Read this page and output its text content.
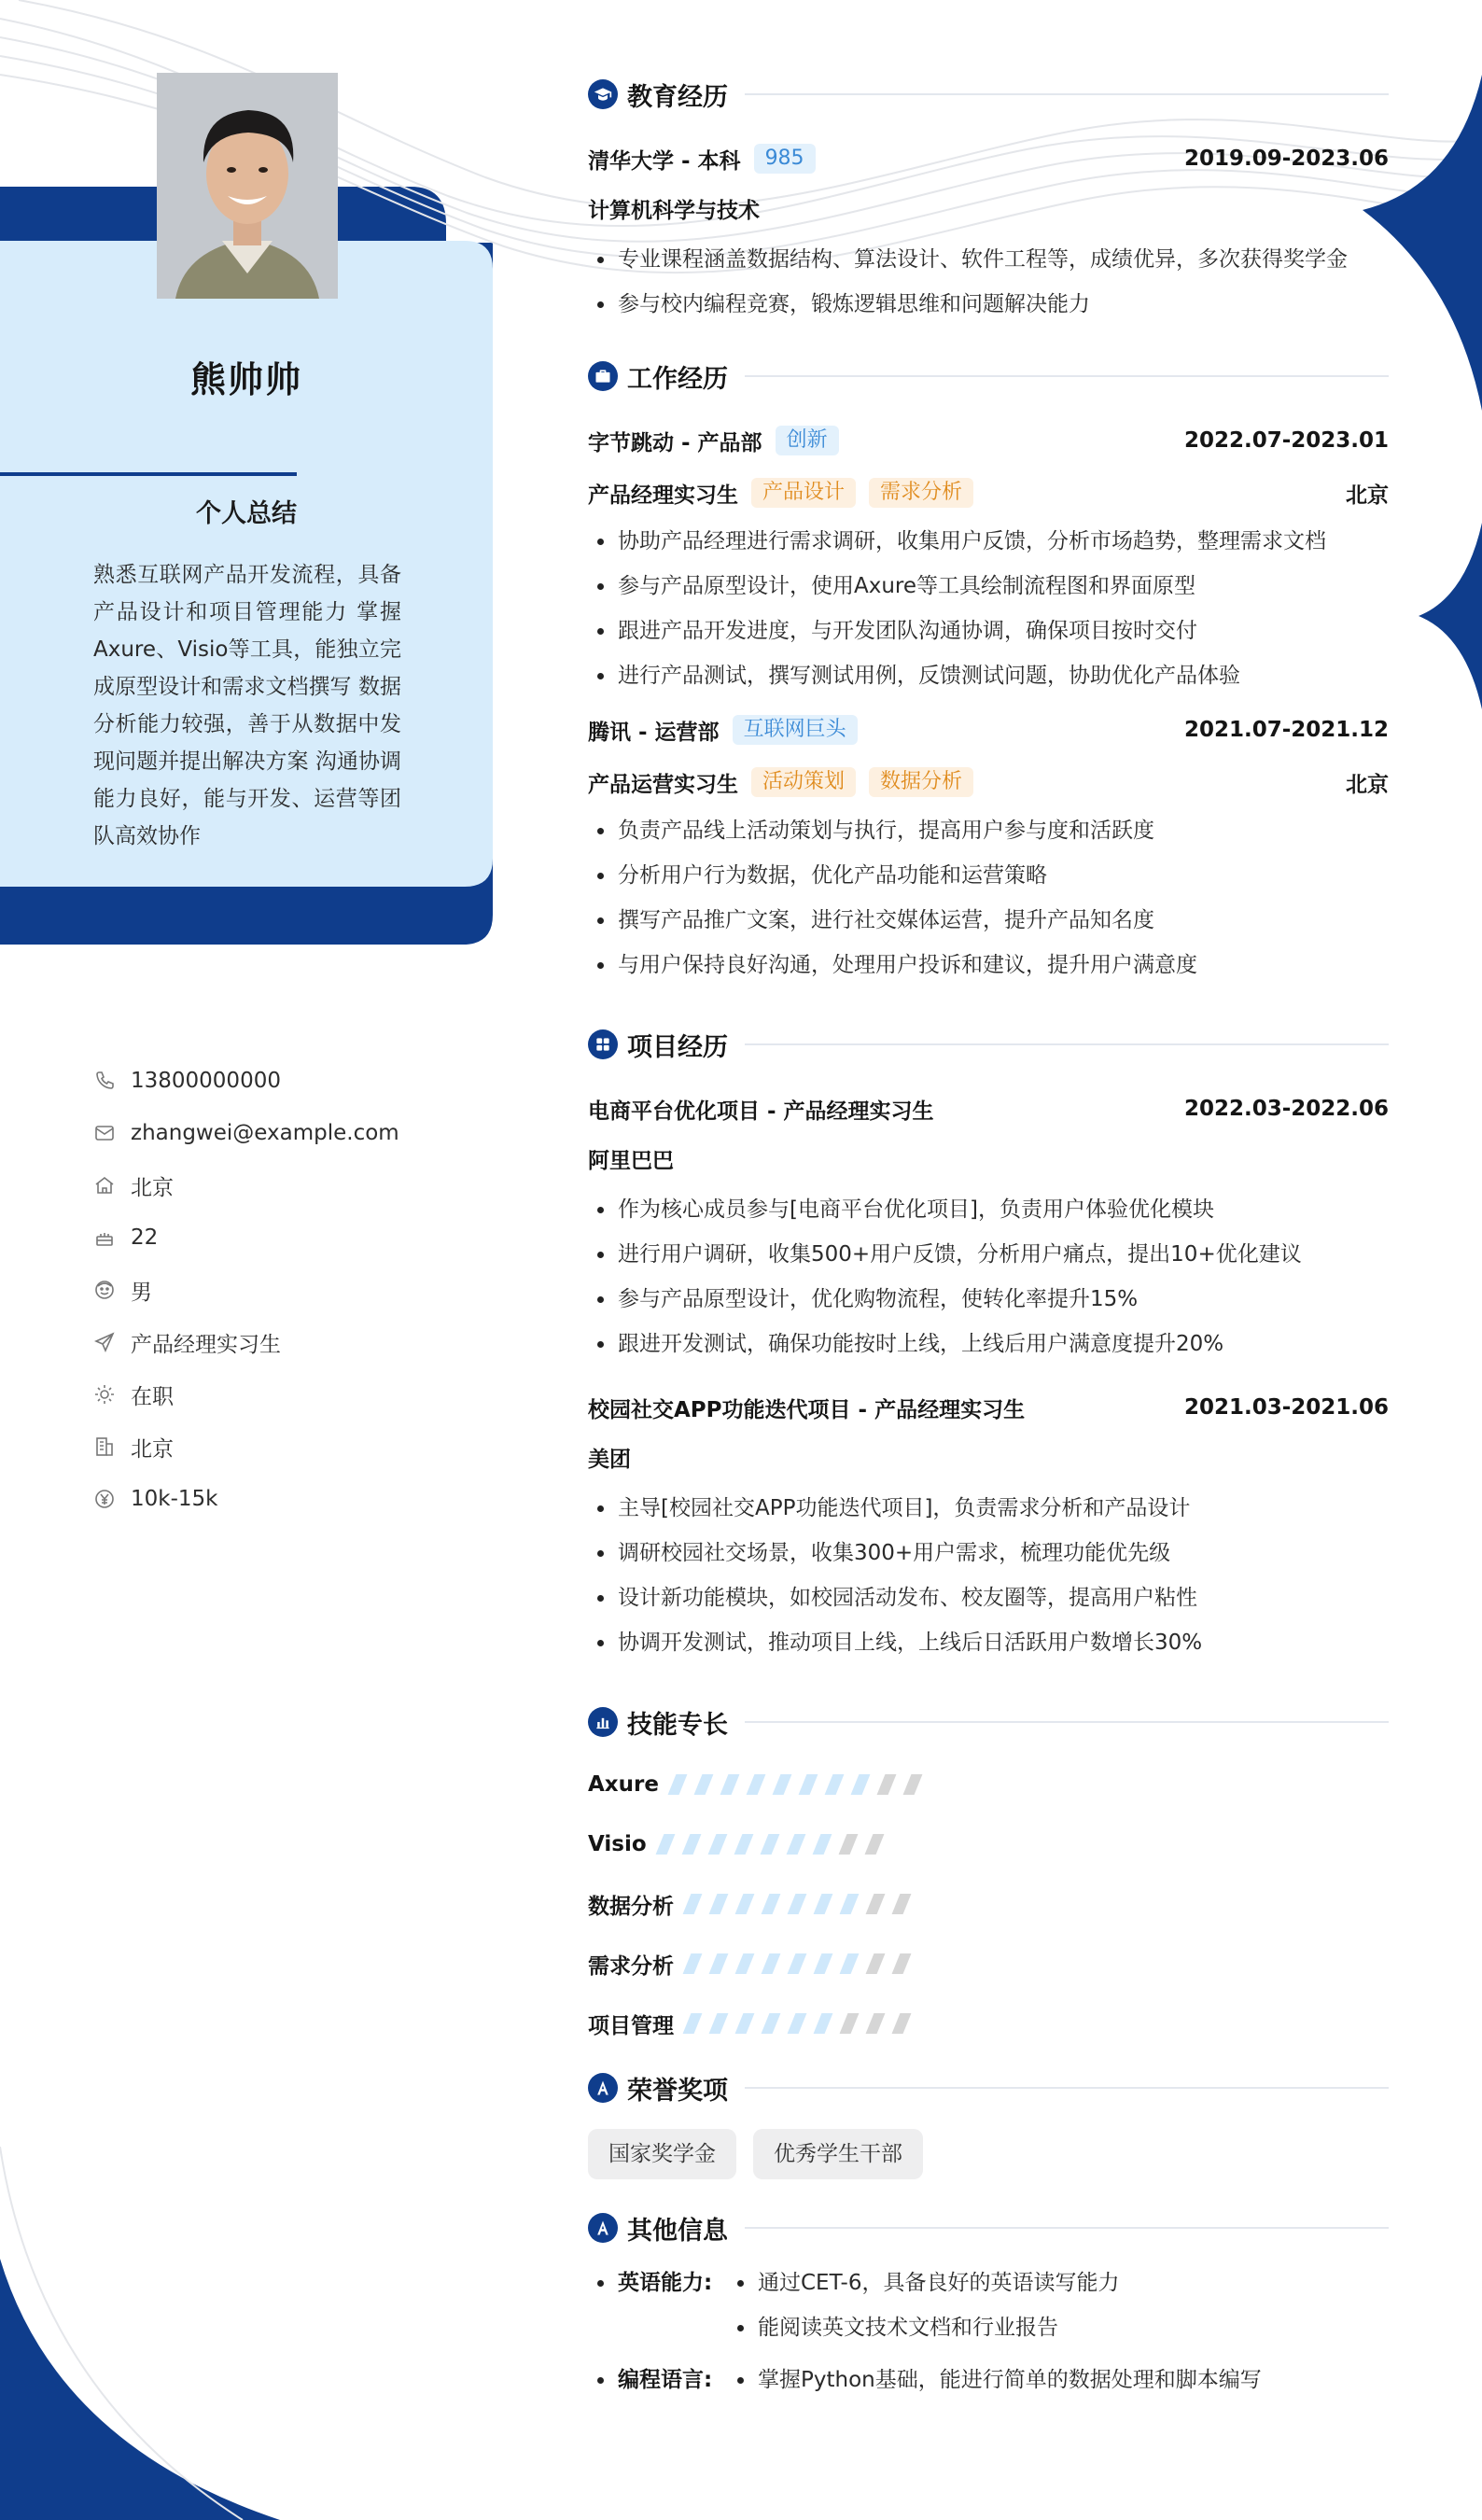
熊帅帅
个人总结
熟悉互联网产品开发流程，具备产品设计和项目管理能力 掌握Axure、Visio等工具，能独立完成原型设计和需求文档撰写 数据分析能力较强，善于从数据中发现问题并提出解决方案 沟通协调能力良好，能与开发、运营等团队高效协作
13800000000
zhangwei@example.com
北京
22
男
产品经理实习生
在职
北京
10k-15k
教育经历
清华大学 - 本科	985	2019.09-2023.06
计算机科学与技术
专业课程涵盖数据结构、算法设计、软件工程等，成绩优异，多次获得奖学金
参与校内编程竞赛，锻炼逻辑思维和问题解决能力
工作经历
字节跳动 - 产品部	创新	2022.07-2023.01
产品经理实习生	产品设计	需求分析	北京
协助产品经理进行需求调研，收集用户反馈，分析市场趋势，整理需求文档
参与产品原型设计，使用Axure等工具绘制流程图和界面原型
跟进产品开发进度，与开发团队沟通协调，确保项目按时交付
进行产品测试，撰写测试用例，反馈测试问题，协助优化产品体验
腾讯 - 运营部	互联网巨头	2021.07-2021.12
产品运营实习生	活动策划	数据分析	北京
负责产品线上活动策划与执行，提高用户参与度和活跃度
分析用户行为数据，优化产品功能和运营策略
撰写产品推广文案，进行社交媒体运营，提升产品知名度
与用户保持良好沟通，处理用户投诉和建议，提升用户满意度
项目经历
电商平台优化项目 - 产品经理实习生	2022.03-2022.06
阿里巴巴
作为核心成员参与[电商平台优化项目]，负责用户体验优化模块
进行用户调研，收集500+用户反馈，分析用户痛点，提出10+优化建议
参与产品原型设计，优化购物流程，使转化率提升15%
跟进开发测试，确保功能按时上线，上线后用户满意度提升20%
校园社交APP功能迭代项目 - 产品经理实习生	2021.03-2021.06
美团
主导[校园社交APP功能迭代项目]，负责需求分析和产品设计
调研校园社交场景，收集300+用户需求，梳理功能优先级
设计新功能模块，如校园活动发布、校友圈等，提高用户粘性
协调开发测试，推动项目上线，上线后日活跃用户数增长30%
技能专长
Axure
Visio
数据分析
需求分析
项目管理
荣誉奖项
国家奖学金	优秀学生干部
其他信息
英语能力:	通过CET-6，具备良好的英语读写能力
能阅读英文技术文档和行业报告
编程语言:	掌握Python基础，能进行简单的数据处理和脚本编写
